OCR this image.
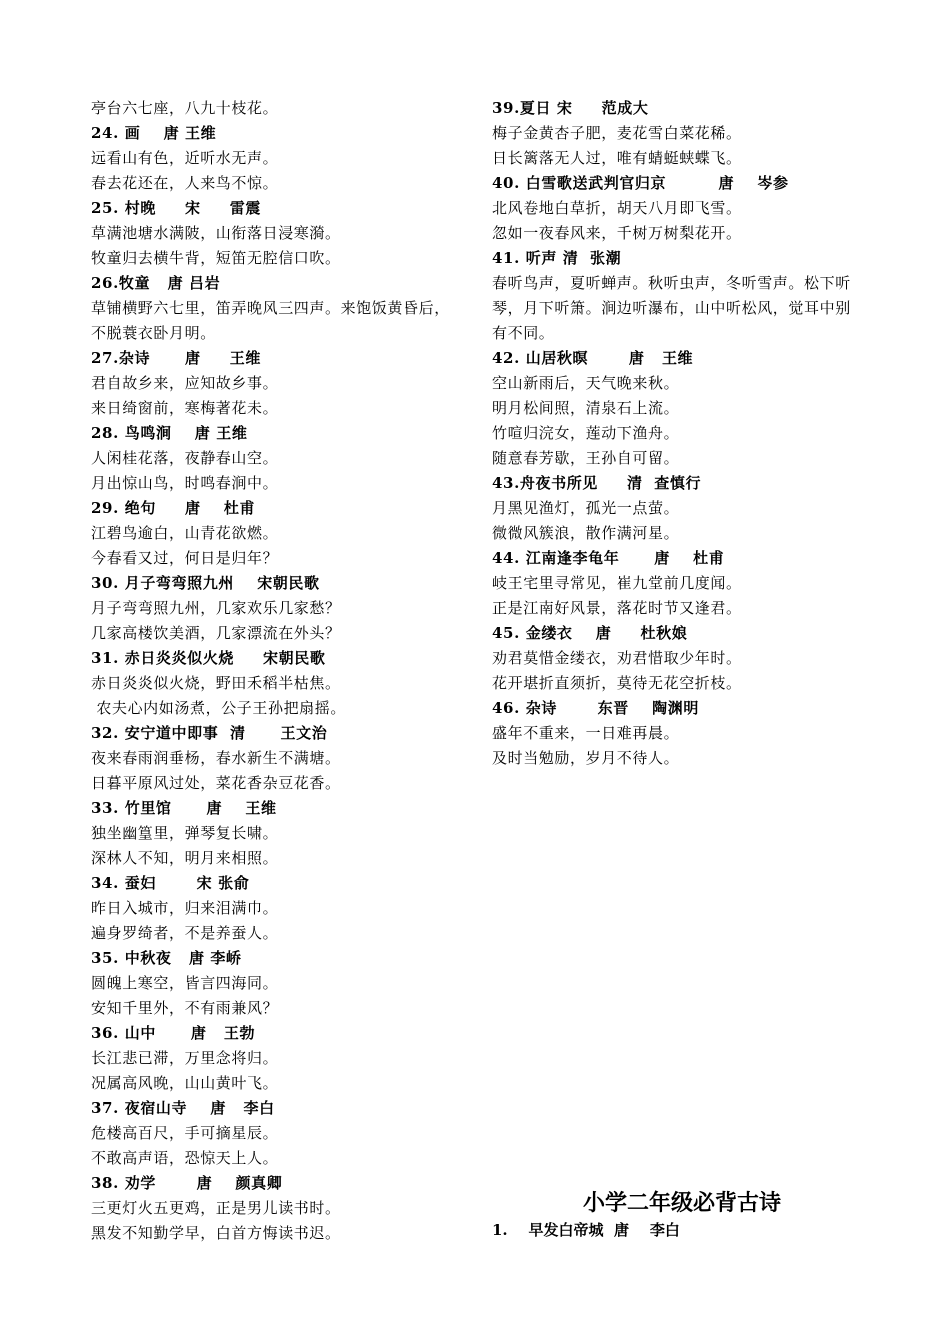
亭台六七座，八九十枝花。
24. 画    唐 王维
远看山有色，近听水无声。
春去花还在，人来鸟不惊。
25. 村晚     宋     雷震
草满池塘水满陂，山衔落日浸寒漪。
牧童归去横牛背，短笛无腔信口吹。
26.牧童   唐 吕岩
草铺横野六七里，笛弄晚风三四声。来饱饭黄昏后，
不脱蓑衣卧月明。
27.杂诗      唐     王维
君自故乡来，应知故乡事。
来日绮窗前，寒梅著花未。
28. 鸟鸣涧    唐 王维
人闲桂花落，夜静春山空。
月出惊山鸟，时鸣春涧中。
29. 绝句     唐    杜甫
江碧鸟逾白，山青花欲燃。
今春看又过，何日是归年？
30. 月子弯弯照九州    宋朝民歌
月子弯弯照九州，几家欢乐几家愁？
几家高楼饮美酒，几家漂流在外头？
31. 赤日炎炎似火烧     宋朝民歌
赤日炎炎似火烧，野田禾稻半枯焦。
农夫心内如汤煮，公子王孙把扇摇。
32. 安宁道中即事  清      王文治
夜来春雨润垂杨，春水新生不满塘。
日暮平原风过处，菜花香杂豆花香。
33. 竹里馆      唐    王维
独坐幽篁里，弹琴复长啸。
深林人不知，明月来相照。
34. 蚕妇       宋 张俞
昨日入城市，归来泪满巾。
遍身罗绮者，不是养蚕人。
35. 中秋夜   唐 李峤
圆魄上寒空，皆言四海同。
安知千里外，不有雨兼风？
36. 山中      唐   王勃
长江悲已滞，万里念将归。
况属高风晚，山山黄叶飞。
37. 夜宿山寺    唐   李白
危楼高百尺，手可摘星辰。
不敢高声语，恐惊天上人。
38. 劝学       唐    颜真卿
三更灯火五更鸡，正是男儿读书时。
黑发不知勤学早，白首方悔读书迟。
39.夏日 宋     范成大
梅子金黄杏子肥，麦花雪白菜花稀。
日长篱落无人过，唯有蜻蜓蛱蝶飞。
40. 白雪歌送武判官归京         唐    岑参
北风卷地白草折，胡天八月即飞雪。
忽如一夜春风来，千树万树梨花开。
41. 听声 清  张潮
春听鸟声，夏听蝉声。秋听虫声，冬听雪声。松下听
琴，月下听箫。涧边听瀑布，山中听松风，觉耳中别
有不同。
42. 山居秋暝       唐   王维
空山新雨后，天气晚来秋。
明月松间照，清泉石上流。
竹喧归浣女，莲动下渔舟。
随意春芳歇，王孙自可留。
43.舟夜书所见     清  查慎行
月黑见渔灯，孤光一点萤。
微微风簇浪，散作满河星。
44. 江南逢李龟年      唐    杜甫
岐王宅里寻常见，崔九堂前几度闻。
正是江南好风景，落花时节又逢君。
45. 金缕衣    唐     杜秋娘
劝君莫惜金缕衣，劝君惜取少年时。
花开堪折直须折，莫待无花空折枝。
46. 杂诗       东晋    陶渊明
盛年不重来，一日难再晨。
及时当勉励，岁月不待人。
小学二年级必背古诗
1.    早发白帝城  唐    李白
